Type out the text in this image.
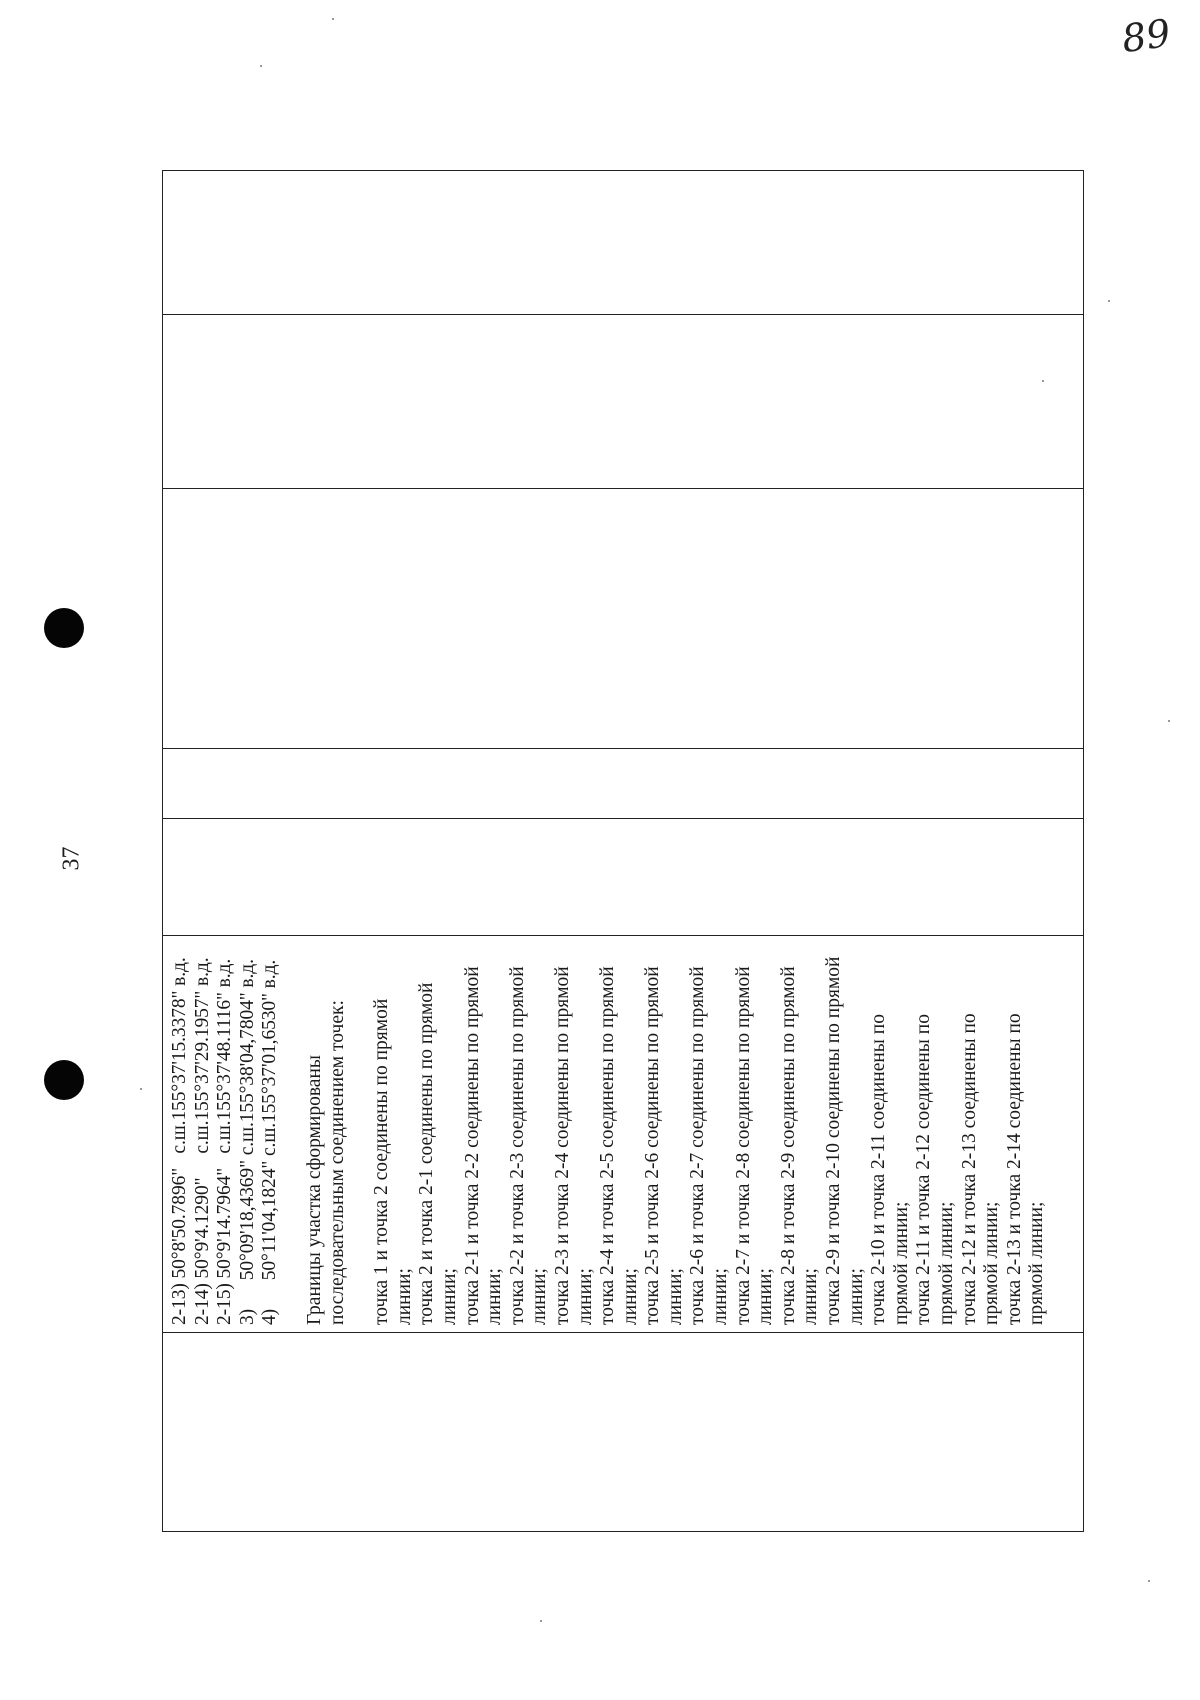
89
37
2-13) 50°8'50.7896"   с.ш.155°37'15.3378" в.д. 2-14) 50°9'4.1290"     с.ш.155°37'29.1957" в.д. 2-15) 50°9'14.7964"   с.ш.155°37'48.1116" в.д. 3)      50°09'18,4369" с.ш.155°38'04,7804" в.д. 4)      50°11'04,1824" с.ш.155°37'01,6530" в.д. Границы участка сформированы последовательным соединением точек: точка 1 и точка 2 соединены по прямой линии; точка 2 и точка 2-1 соединены по прямой линии; точка 2-1 и точка 2-2 соединены по прямой линии; точка 2-2 и точка 2-3 соединены по прямой линии; точка 2-3 и точка 2-4 соединены по прямой линии; точка 2-4 и точка 2-5 соединены по прямой линии; точка 2-5 и точка 2-6 соединены по прямой линии; точка 2-6 и точка 2-7 соединены по прямой линии; точка 2-7 и точка 2-8 соединены по прямой линии; точка 2-8 и точка 2-9 соединены по прямой линии; точка 2-9 и точка 2-10 соединены по прямой линии; точка 2-10 и точка 2-11 соединены по прямой линии; точка 2-11 и точка 2-12 соединены по прямой линии; точка 2-12 и точка 2-13 соединены по прямой линии; точка 2-13 и точка 2-14 соединены по прямой линии;
